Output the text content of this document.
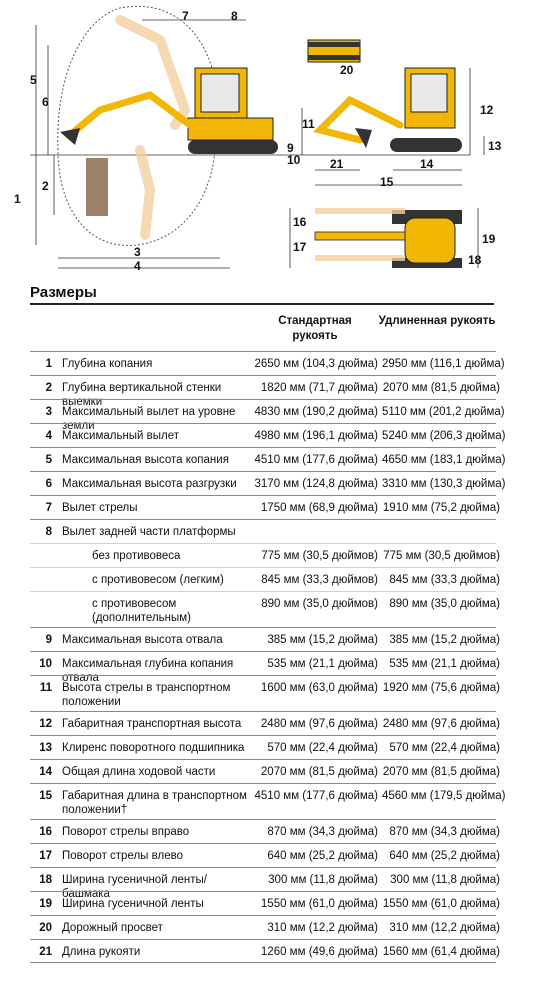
1
2
3
4
5
6
7	8
9
10
11
12
13
14
15
16
17
18
19
20
21
Размеры
Стандартная рукоять
Удлиненная рукоять
1 Глубина копания	2650 мм (104,3 дюйма) 2950 мм (116,1 дюйма)
2 Глубина вертикальной стенки выемки
1820 мм (71,7 дюйма) 2070 мм (81,5 дюйма)
3 Максимальный вылет на уровне земли
4830 мм (190,2 дюйма) 5110 мм (201,2 дюйма)
4 Максимальный вылет	4980 мм (196,1 дюйма) 5240 мм (206,3 дюйма)
5 Максимальная высота копания	4510 мм (177,6 дюйма) 4650 мм (183,1 дюйма)
6 Максимальная высота разгрузки	3170 мм (124,8 дюйма) 3310 мм (130,3 дюйма)
7 Вылет стрелы	1750 мм (68,9 дюйма) 1910 мм (75,2 дюйма)
8 Вылет задней части платформы
без противовеса	775 мм (30,5 дюймов) 775 мм (30,5 дюймов)
с противовесом (легким)	845 мм (33,3 дюймов) 845 мм (33,3 дюйма)
с противовесом (дополнительным)
890 мм (35,0 дюймов) 890 мм (35,0 дюйма)
9 Максимальная высота отвала	385 мм (15,2 дюйма) 385 мм (15,2 дюйма)
10 Максимальная глубина копания отвала
535 мм (21,1 дюйма) 535 мм (21,1 дюйма)
11 Высота стрелы в транспортном положении
1600 мм (63,0 дюйма) 1920 мм (75,6 дюйма)
12 Габаритная транспортная высота	2480 мм (97,6 дюйма) 2480 мм (97,6 дюйма)
13 Клиренс поворотного подшипника	570 мм (22,4 дюйма) 570 мм (22,4 дюйма)
14 Общая длина ходовой части	2070 мм (81,5 дюйма) 2070 мм (81,5 дюйма)
15 Габаритная длина в транспортном положении†
4510 мм (177,6 дюйма) 4560 мм (179,5 дюйма)
16 Поворот стрелы вправо	870 мм (34,3 дюйма) 870 мм (34,3 дюйма)
17 Поворот стрелы влево	640 мм (25,2 дюйма) 640 мм (25,2 дюйма)
18 Ширина гусеничной ленты/башмака
300 мм (11,8 дюйма)	300 мм (11,8 дюйма)
19 Ширина гусеничной ленты	1550 мм (61,0 дюйма) 1550 мм (61,0 дюйма)
20 Дорожный просвет	310 мм (12,2 дюйма) 310 мм (12,2 дюйма)
21 Длина рукояти	1260 мм (49,6 дюйма) 1560 мм (61,4 дюйма)
